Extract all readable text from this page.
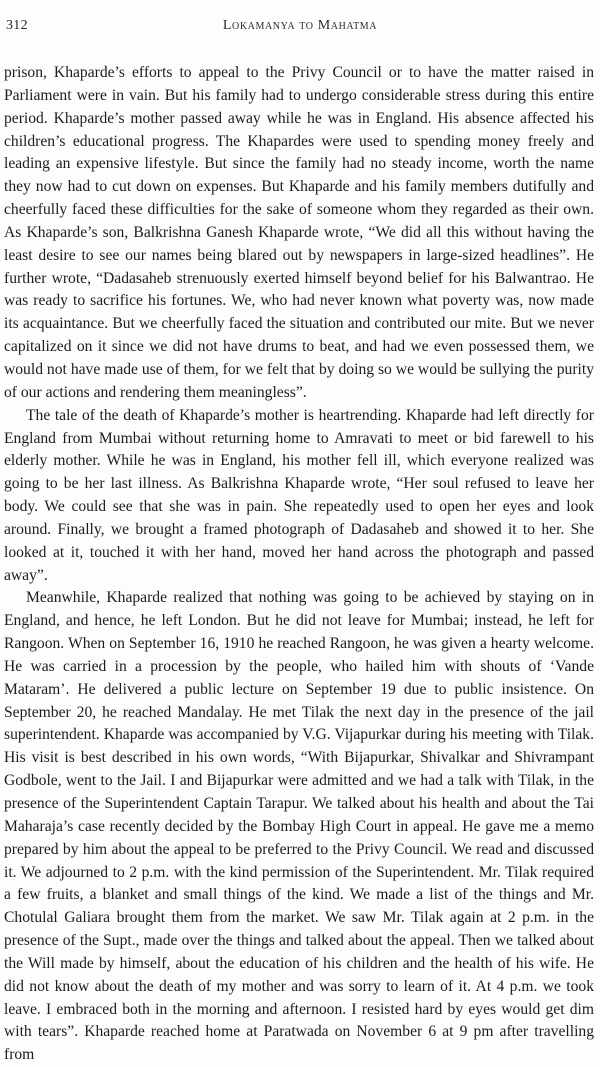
312	Lokamanya to Mahatma

prison, Khaparde’s efforts to appeal to the Privy Council or to have the matter raised in Parliament were in vain. But his family had to undergo considerable stress during this entire period. Khaparde’s mother passed away while he was in England. His absence affected his children’s educational progress. The Khapardes were used to spending money freely and leading an expensive lifestyle. But since the family had no steady income, worth the name they now had to cut down on expenses. But Khaparde and his family members dutifully and cheerfully faced these difficulties for the sake of someone whom they regarded as their own. As Khaparde’s son, Balkrishna Ganesh Khaparde wrote, “We did all this without having the least desire to see our names being blared out by newspapers in large-sized headlines”. He further wrote, “Dadasaheb strenuously exerted himself beyond belief for his Balwantrao. He was ready to sacrifice his fortunes. We, who had never known what poverty was, now made its acquaintance. But we cheerfully faced the situation and contributed our mite. But we never capitalized on it since we did not have drums to beat, and had we even possessed them, we would not have made use of them, for we felt that by doing so we would be sullying the purity of our actions and rendering them meaningless”.

The tale of the death of Khaparde’s mother is heartrending. Khaparde had left directly for England from Mumbai without returning home to Amravati to meet or bid farewell to his elderly mother. While he was in England, his mother fell ill, which everyone realized was going to be her last illness. As Balkrishna Khaparde wrote, “Her soul refused to leave her body. We could see that she was in pain. She repeatedly used to open her eyes and look around. Finally, we brought a framed photograph of Dadasaheb and showed it to her. She looked at it, touched it with her hand, moved her hand across the photograph and passed away”.

Meanwhile, Khaparde realized that nothing was going to be achieved by staying on in England, and hence, he left London. But he did not leave for Mumbai; instead, he left for Rangoon. When on September 16, 1910 he reached Rangoon, he was given a hearty welcome. He was carried in a procession by the people, who hailed him with shouts of ‘Vande Mataram’. He delivered a public lecture on September 19 due to public insistence. On September 20, he reached Mandalay. He met Tilak the next day in the presence of the jail superintendent. Khaparde was accompanied by V.G. Vijapurkar during his meeting with Tilak. His visit is best described in his own words, “With Bijapurkar, Shivalkar and Shivrampant Godbole, went to the Jail. I and Bijapurkar were admitted and we had a talk with Tilak, in the presence of the Superintendent Captain Tarapur. We talked about his health and about the Tai Maharaja’s case recently decided by the Bombay High Court in appeal. He gave me a memo prepared by him about the appeal to be preferred to the Privy Council. We read and discussed it. We adjourned to 2 p.m. with the kind permission of the Superintendent. Mr. Tilak required a few fruits, a blanket and small things of the kind. We made a list of the things and Mr. Chotulal Galiara brought them from the market. We saw Mr. Tilak again at 2 p.m. in the presence of the Supt., made over the things and talked about the appeal. Then we talked about the Will made by himself, about the education of his children and the health of his wife. He did not know about the death of my mother and was sorry to learn of it. At 4 p.m. we took leave. I embraced both in the morning and afternoon. I resisted hard by eyes would get dim with tears”. Khaparde reached home at Paratwada on November 6 at 9 pm after travelling from
